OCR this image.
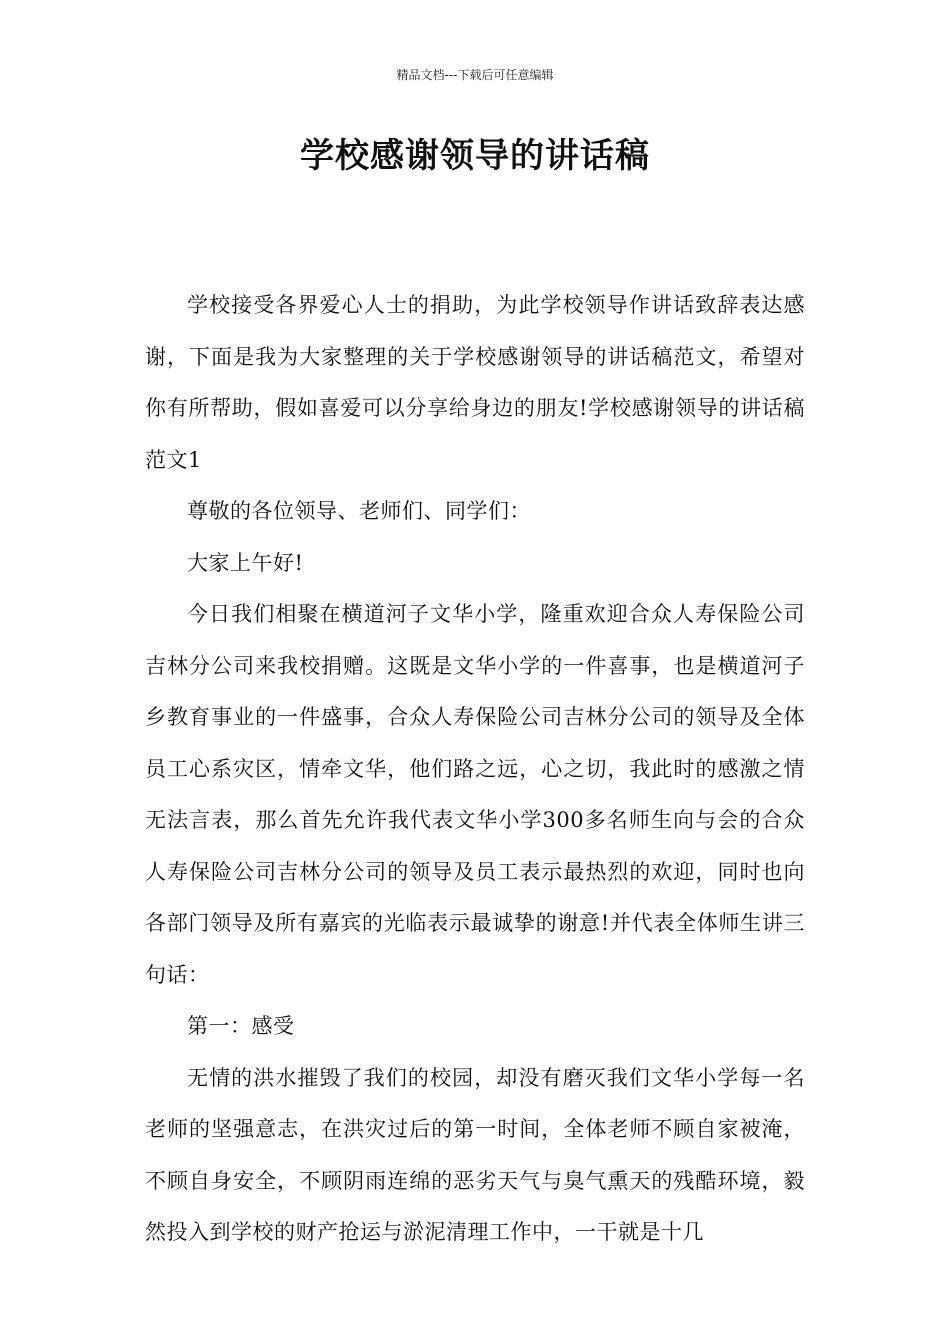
精品文档---下载后可任意编辑
学校感谢领导的讲话稿

学校接受各界爱心人士的捐助，为此学校领导作讲话致辞表达感谢，下面是我为大家整理的关于学校感谢领导的讲话稿范文，希望对你有所帮助，假如喜爱可以分享给身边的朋友!学校感谢领导的讲话稿范文1

尊敬的各位领导、老师们、同学们：

大家上午好!

今日我们相聚在横道河子文华小学，隆重欢迎合众人寿保险公司吉林分公司来我校捐赠。这既是文华小学的一件喜事，也是横道河子乡教育事业的一件盛事，合众人寿保险公司吉林分公司的领导及全体员工心系灾区，情牵文华，他们路之远，心之切，我此时的感激之情无法言表，那么首先允许我代表文华小学300多名师生向与会的合众人寿保险公司吉林分公司的领导及员工表示最热烈的欢迎，同时也向各部门领导及所有嘉宾的光临表示最诚挚的谢意!并代表全体师生讲三句话：

第一：感受

无情的洪水摧毁了我们的校园，却没有磨灭我们文华小学每一名老师的坚强意志，在洪灾过后的第一时间，全体老师不顾自家被淹，不顾自身安全，不顾阴雨连绵的恶劣天气与臭气熏天的残酷环境，毅然投入到学校的财产抢运与淤泥清理工作中，一干就是十几
